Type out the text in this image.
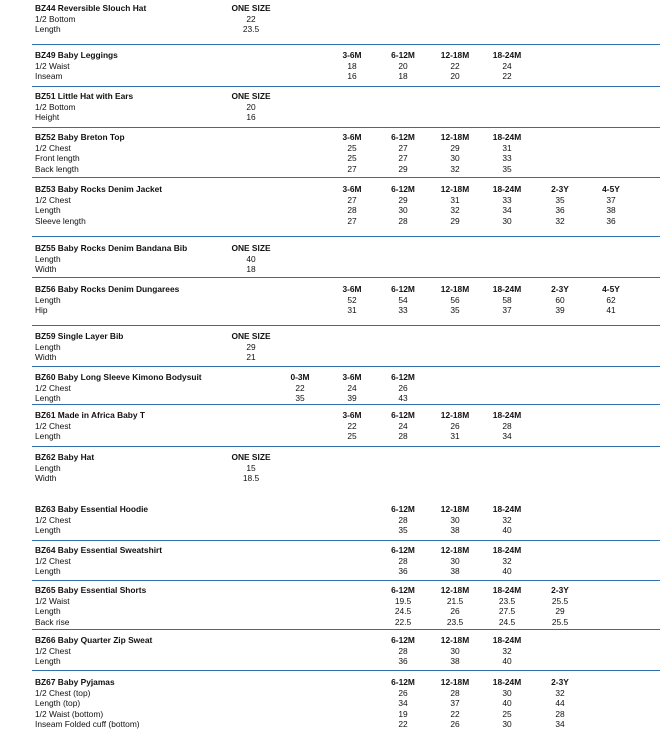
BZ44 Reversible Slouch Hat	ONE SIZE
1/2 Bottom	22
Length	23.5
BZ49 Baby Leggings	3-6M	6-12M	12-18M	18-24M
1/2 Waist	18	20	22	24
Inseam	16	18	20	22
BZ51 Little Hat with Ears	ONE SIZE
1/2 Bottom	20
Height	16
BZ52 Baby Breton Top	3-6M	6-12M	12-18M	18-24M
1/2 Chest	25	27	29	31
Front length	25	27	30	33
Back length	27	29	32	35
BZ53 Baby Rocks Denim Jacket	3-6M	6-12M	12-18M	18-24M	2-3Y	4-5Y
1/2 Chest	27	29	31	33	35	37
Length	28	30	32	34	36	38
Sleeve length	27	28	29	30	32	36
BZ55 Baby Rocks Denim Bandana Bib	ONE SIZE
Length	40
Width	18
BZ56 Baby Rocks Denim Dungarees	3-6M	6-12M	12-18M	18-24M	2-3Y	4-5Y
Length	52	54	56	58	60	62
Hip	31	33	35	37	39	41
BZ59 Single Layer Bib	ONE SIZE
Length	29
Width	21
BZ60 Baby Long Sleeve Kimono Bodysuit	0-3M	3-6M	6-12M
1/2 Chest	22	24	26
Length	35	39	43
BZ61 Made in Africa Baby T	3-6M	6-12M	12-18M	18-24M
1/2 Chest	22	24	26	28
Length	25	28	31	34
BZ62 Baby Hat	ONE SIZE
Length	15
Width	18.5
BZ63 Baby Essential Hoodie	6-12M	12-18M	18-24M
1/2 Chest	28	30	32
Length	35	38	40
BZ64 Baby Essential Sweatshirt	6-12M	12-18M	18-24M
1/2 Chest	28	30	32
Length	36	38	40
BZ65 Baby Essential Shorts	6-12M	12-18M	18-24M	2-3Y
1/2 Waist	19.5	21.5	23.5	25.5
Length	24.5	26	27.5	29
Back rise	22.5	23.5	24.5	25.5
BZ66 Baby Quarter Zip Sweat	6-12M	12-18M	18-24M
1/2 Chest	28	30	32
Length	36	38	40
BZ67 Baby Pyjamas	6-12M	12-18M	18-24M	2-3Y
1/2 Chest (top)	26	28	30	32
Length (top)	34	37	40	44
1/2 Waist (bottom)	19	22	25	28
Inseam Folded cuff (bottom)	22	26	30	34
